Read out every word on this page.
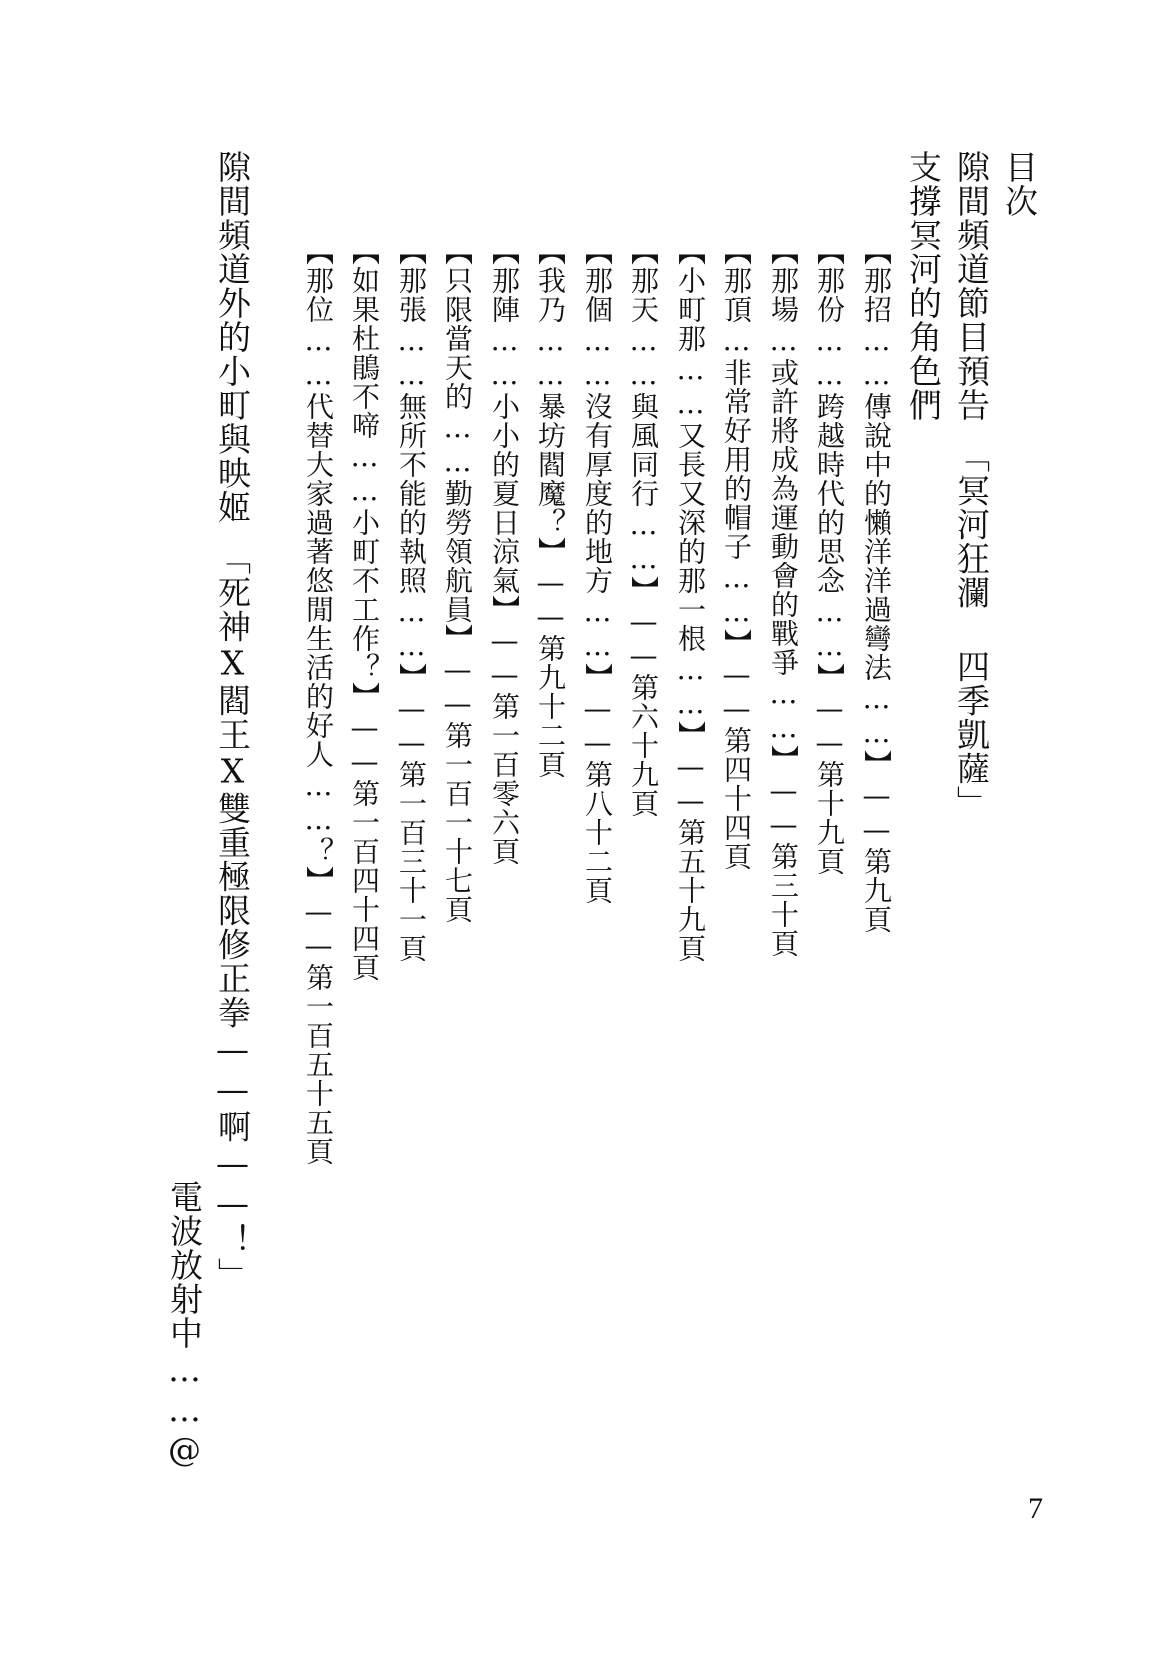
目次
隙間頻道節目預告　「冥河狂瀾 四季凱薩」
支撐冥河的角色們
【那招……傳說中的懶洋洋過彎法……】——第九頁
【那份……跨越時代的思念……】——第十九頁
【那場…或許將成為運動會的戰爭……】——第三十頁
【那頂…非常好用的帽子……】——第四十四頁
【小町那……又長又深的那一根……】——第五十九頁
【那天……與風同行……】——第六十九頁
【那個……沒有厚度的地方……】——第八十二頁
【我乃……暴坊閻魔？】——第九十二頁
【那陣……小小的夏日涼氣】——第一百零六頁
【只限當天的……勤勞領航員】——第一百一十七頁
【那張……無所不能的執照……】——第一百三十一頁
【如果杜鵑不啼……小町不工作？】——第一百四十四頁
【那位……代替大家過著悠閒生活的好人……？】——第一百五十五頁
隙間頻道外的小町與映姬　「死神X閻王X雙重極限修正拳——啊——！」
電波放射中……@
7
